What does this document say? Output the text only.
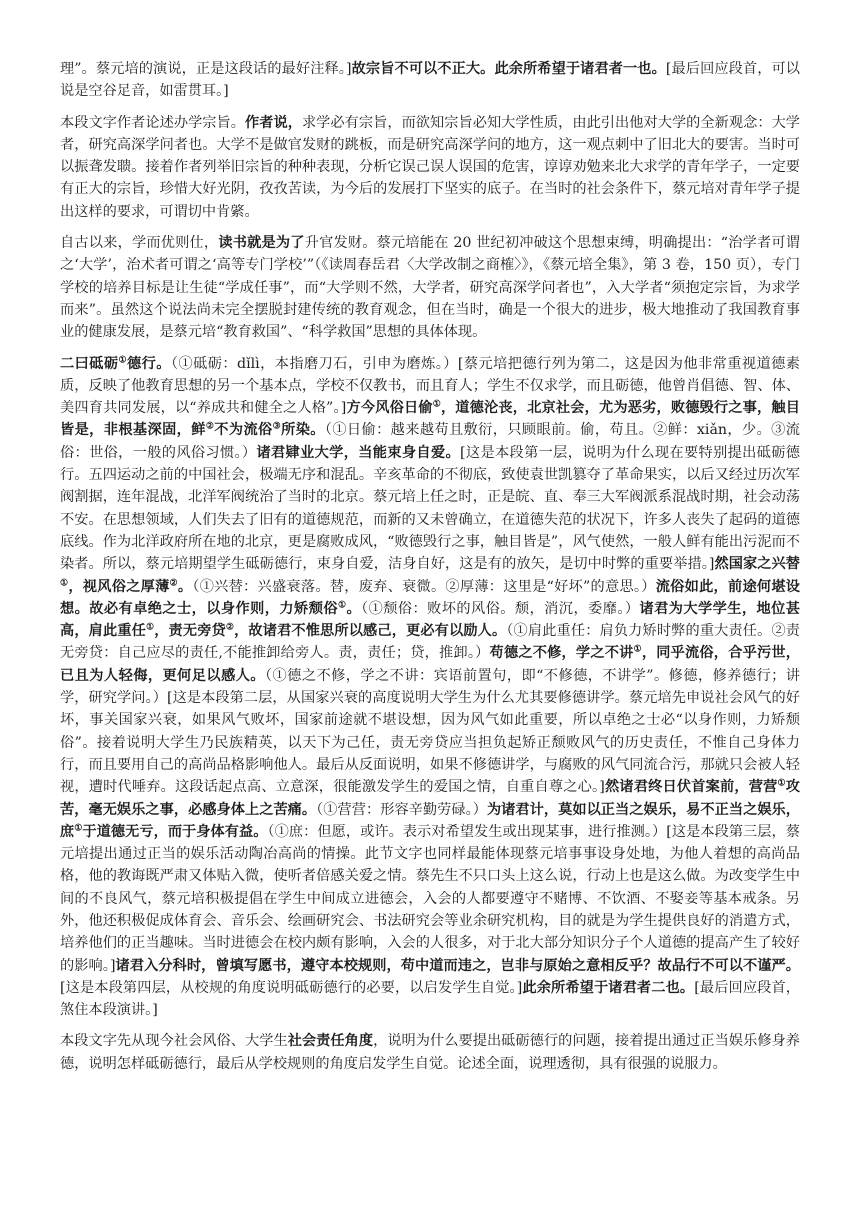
理”。蔡元培的演说，正是这段话的最好注释。]故宗旨不可以不正大。此余所希望于诸君者一也。[最后回应段首，可以说是空谷足音，如雷贯耳。]

本段文字作者论述办学宗旨。作者说，求学必有宗旨，而欲知宗旨必知大学性质，由此引出他对大学的全新观念：大学者，研究高深学问者也。大学不是做官发财的跳板，而是研究高深学问的地方，这一观点刺中了旧北大的要害。当时可以振聋发聩。接着作者列举旧宗旨的种种表现，分析它误己误人误国的危害，谆谆劝勉来北大求学的青年学子，一定要有正大的宗旨，珍惜大好光阴，孜孜苦读，为今后的发展打下坚实的底子。在当时的社会条件下，蔡元培对青年学子提出这样的要求，可谓切中肯綮。

自古以来，学而优则仕，读书就是为了升官发财。蔡元培能在 20 世纪初冲破这个思想束缚，明确提出：“治学者可谓之‘大学’，治术者可谓之‘高等专门学校’”（《读周春岳君〈大学改制之商榷〉》，《蔡元培全集》，第 3 卷，150 页），专门学校的培养目标是让生徒“学成任事”，而“大学则不然，大学者，研究高深学问者也”，入大学者“须抱定宗旨，为求学而来”。虽然这个说法尚未完全摆脱封建传统的教育观念，但在当时，确是一个很大的进步，极大地推动了我国教育事业的健康发展，是蔡元培“教育救国”、“科学救国”思想的具体体现。

二曰砥砺①德行。（①砥砺：dǐlì，本指磨刀石，引申为磨炼。）[蔡元培把德行列为第二，这是因为他非常重视道德素质，反映了他教育思想的另一个基本点，学校不仅教书，而且育人；学生不仅求学，而且砺德，他曾肖倡德、智、体、美四育共同发展，以“养成共和健全之人格”。]方今风俗日偷①，道德沦丧，北京社会，尤为恶劣，败德毁行之事，触目皆是，非根基深固，鲜②不为流俗③所染。（①日偷：越来越苟且敷衍，只顾眼前。偷，苟且。②鲜：xiǎn，少。③流俗：世俗，一般的风俗习惯。）诸君肄业大学，当能束身自爱。[这是本段第一层，说明为什么现在要特别提出砥砺德行。五四运动之前的中国社会，极端无序和混乱。辛亥革命的不彻底，致使袁世凯篡夺了革命果实，以后又经过历次军阀割据，连年混战，北洋军阀统治了当时的北京。蔡元培上任之时，正是皖、直、奉三大军阀派系混战时期，社会动荡不安。在思想领域，人们失去了旧有的道德规范，而新的又未曾确立，在道德失范的状况下，许多人丧失了起码的道德底线。作为北洋政府所在地的北京，更是腐败成风，“败德毁行之事，触目皆是”，风气使然，一般人鲜有能出污泥而不染者。所以，蔡元培期望学生砥砺德行，束身自爱，洁身自好，这是有的放矢，是切中时弊的重要举措。]然国家之兴替①，视风俗之厚薄②。（①兴替：兴盛衰落。替，废弃、衰微。②厚薄：这里是“好坏”的意思。）流俗如此，前途何堪设想。故必有卓绝之士，以身作则，力矫颓俗①。（①颓俗：败坏的风俗。颓，消沉，委靡。）诸君为大学学生，地位甚高，肩此重任①，责无旁贷②，故诸君不惟思所以感己，更必有以励人。（①肩此重任：肩负力矫时弊的重大责任。②责无旁贷：自己应尽的责任,不能推卸给旁人。责，责任；贷，推卸。）苟德之不修，学之不讲①，同乎流俗，合乎污世，已且为人轻侮，更何足以感人。（①德之不修，学之不讲：宾语前置句，即“不修德，不讲学”。修德，修养德行；讲学，研究学问。）[这是本段第二层，从国家兴衰的高度说明大学生为什么尤其要修德讲学。蔡元培先申说社会风气的好坏，事关国家兴衰，如果风气败坏，国家前途就不堪设想，因为风气如此重要，所以卓绝之士必“以身作则，力矫颓俗”。接着说明大学生乃民族精英，以天下为己任，责无旁贷应当担负起矫正颓败风气的历史责任，不惟自己身体力行，而且要用自己的高尚品格影响他人。最后从反面说明，如果不修德讲学，与腐败的风气同流合污，那就只会被人轻视，遭时代唾弃。这段话起点高、立意深，很能激发学生的爱国之情，自重自尊之心。]然诸君终日伏首案前，营营①攻苦，毫无娱乐之事，必感身体上之苦痛。（①营营：形容辛勤劳碌。）为诸君计，莫如以正当之娱乐，易不正当之娱乐，庶①于道德无亏，而于身体有益。（①庶：但愿，或许。表示对希望发生或出现某事，进行推测。）[这是本段第三层，蔡元培提出通过正当的娱乐活动陶冶高尚的情操。此节文字也同样最能体现蔡元培事事设身处地，为他人着想的高尚品格，他的教诲既严肃又体贴入微，使听者倍感关爱之情。蔡先生不只口头上这么说，行动上也是这么做。为改变学生中间的不良风气，蔡元培积极提倡在学生中间成立进德会，入会的人都要遵守不赌博、不饮酒、不娶妾等基本戒条。另外，他还积极促成体育会、音乐会、绘画研究会、书法研究会等业余研究机构，目的就是为学生提供良好的消遣方式，培养他们的正当趣味。当时进德会在校内颇有影响，入会的人很多，对于北大部分知识分子个人道德的提高产生了较好的影响。]诸君入分科时，曾填写愿书，遵守本校规则，苟中道而违之，岂非与原始之意相反乎？故品行不可以不谨严。[这是本段第四层，从校规的角度说明砥砺德行的必要，以启发学生自觉。]此余所希望于诸君者二也。[最后回应段首，煞住本段演讲。]

本段文字先从现今社会风俗、大学生社会责任角度，说明为什么要提出砥砺德行的问题，接着提出通过正当娱乐修身养德，说明怎样砥砺德行，最后从学校规则的角度启发学生自觉。论述全面，说理透彻，具有很强的说服力。
